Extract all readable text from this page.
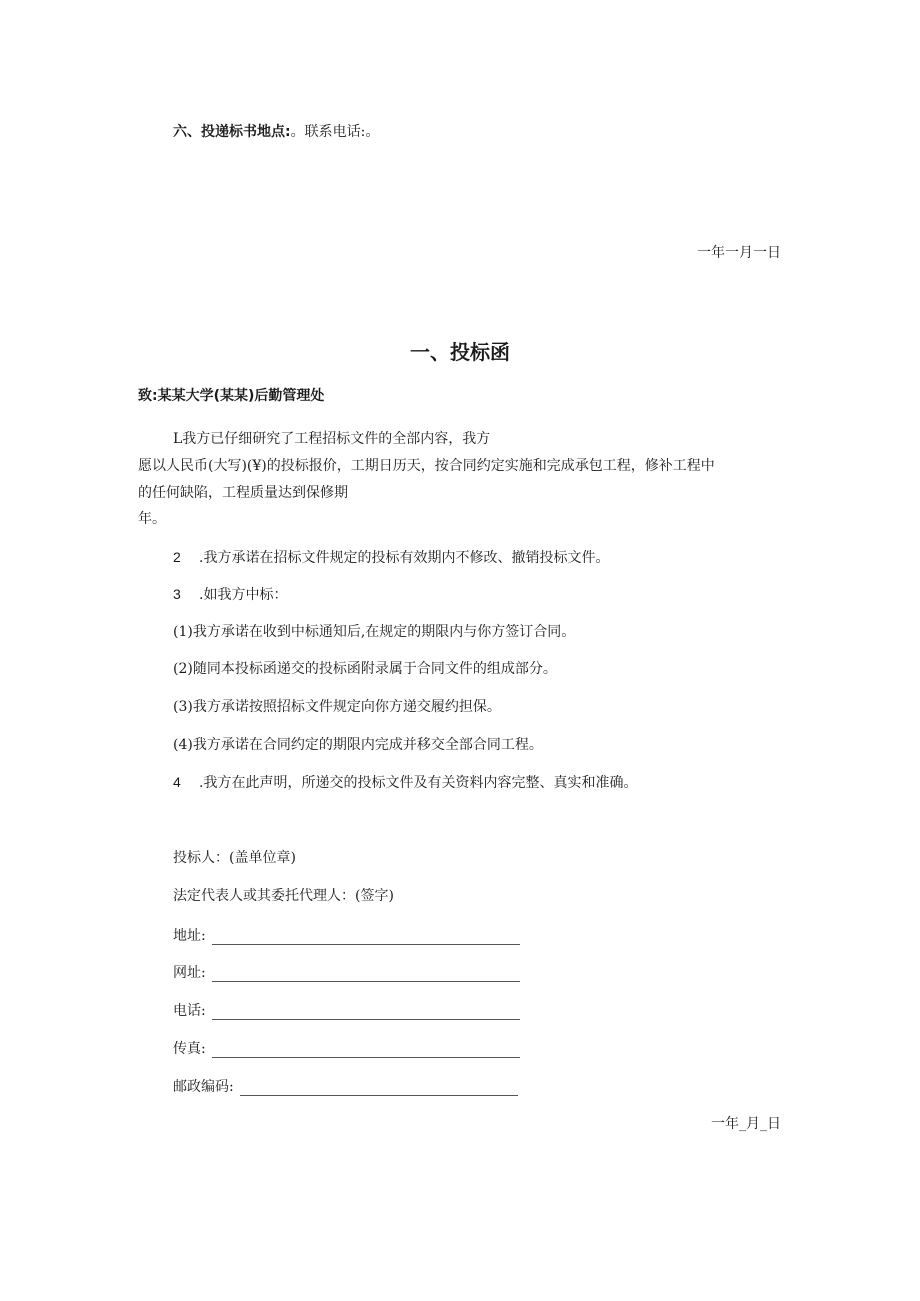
六、投递标书地点:。联系电话:。
一年一月一日
一、投标函
致:某某大学(某某)后勤管理处
L我方已仔细研究了工程招标文件的全部内容，我方
愿以人民币(大写)(¥)的投标报价，工期日历天，按合同约定实施和完成承包工程，修补工程中
的任何缺陷，工程质量达到保修期
年。
2 .我方承诺在招标文件规定的投标有效期内不修改、撤销投标文件。
3 .如我方中标：
(1)我方承诺在收到中标通知后,在规定的期限内与你方签订合同。
(2)随同本投标函递交的投标函附录属于合同文件的组成部分。
(3)我方承诺按照招标文件规定向你方递交履约担保。
(4)我方承诺在合同约定的期限内完成并移交全部合同工程。
4 .我方在此声明，所递交的投标文件及有关资料内容完整、真实和准确。
投标人：(盖单位章)
法定代表人或其委托代理人：(签字)
地址:
网址:
电话:
传真:
邮政编码:
一年_月_日
